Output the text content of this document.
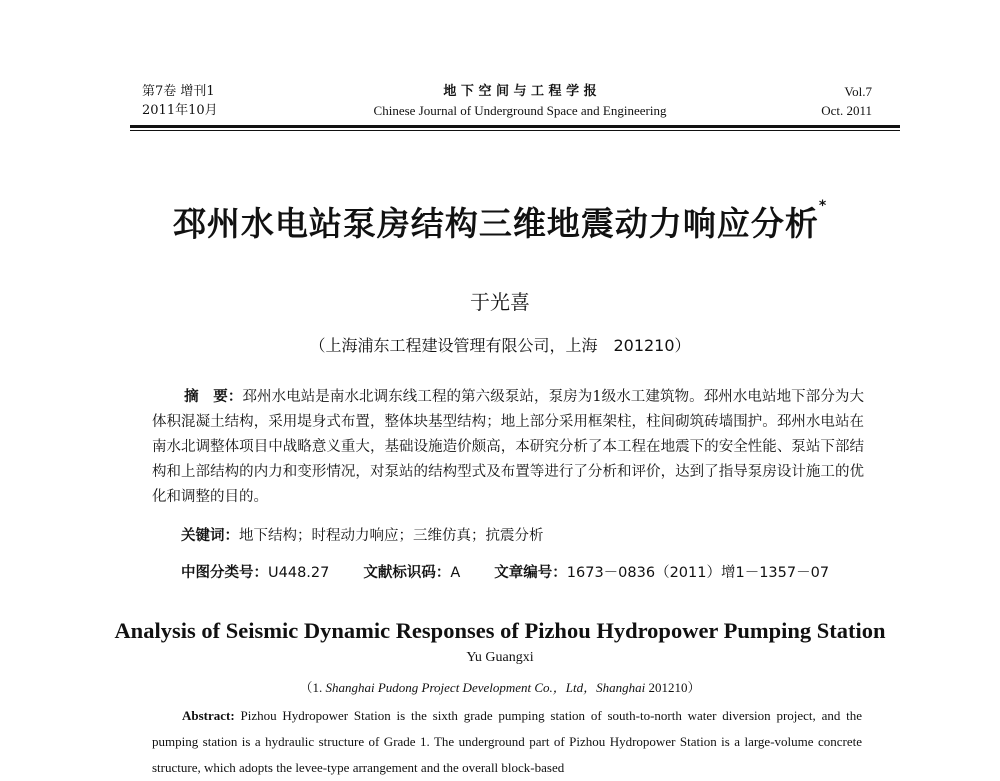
第7卷 增刊1
2011年10月
地 下 空 间 与 工 程 学 报
Chinese Journal of Underground Space and Engineering
Vol.7
Oct. 2011
邳州水电站泵房结构三维地震动力响应分析*
于光喜
（上海浦东工程建设管理有限公司，上海　201210）
摘　要：邳州水电站是南水北调东线工程的第六级泵站，泵房为1级水工建筑物。邳州水电站地下部分为大体积混凝土结构，采用堤身式布置，整体块基型结构；地上部分采用框架柱，柱间砌筑砖墙围护。邳州水电站在南水北调整体项目中战略意义重大，基础设施造价颇高，本研究分析了本工程在地震下的安全性能、泵站下部结构和上部结构的内力和变形情况，对泵站的结构型式及布置等进行了分析和评价，达到了指导泵房设计施工的优化和调整的目的。
关键词：地下结构；时程动力响应；三维仿真；抗震分析
中图分类号：U448.27 文献标识码：A 文章编号：1673－0836（2011）增1－1357－07
Analysis of Seismic Dynamic Responses of Pizhou Hydropower Pumping Station
Yu Guangxi
（1. Shanghai Pudong Project Development Co.，Ltd，Shanghai 201210）
Abstract: Pizhou Hydropower Station is the sixth grade pumping station of south-to-north water diversion project, and the pumping station is a hydraulic structure of Grade 1. The underground part of Pizhou Hydropower Station is a large-volume concrete structure, which adopts the levee-type arrangement and the overall block-based
